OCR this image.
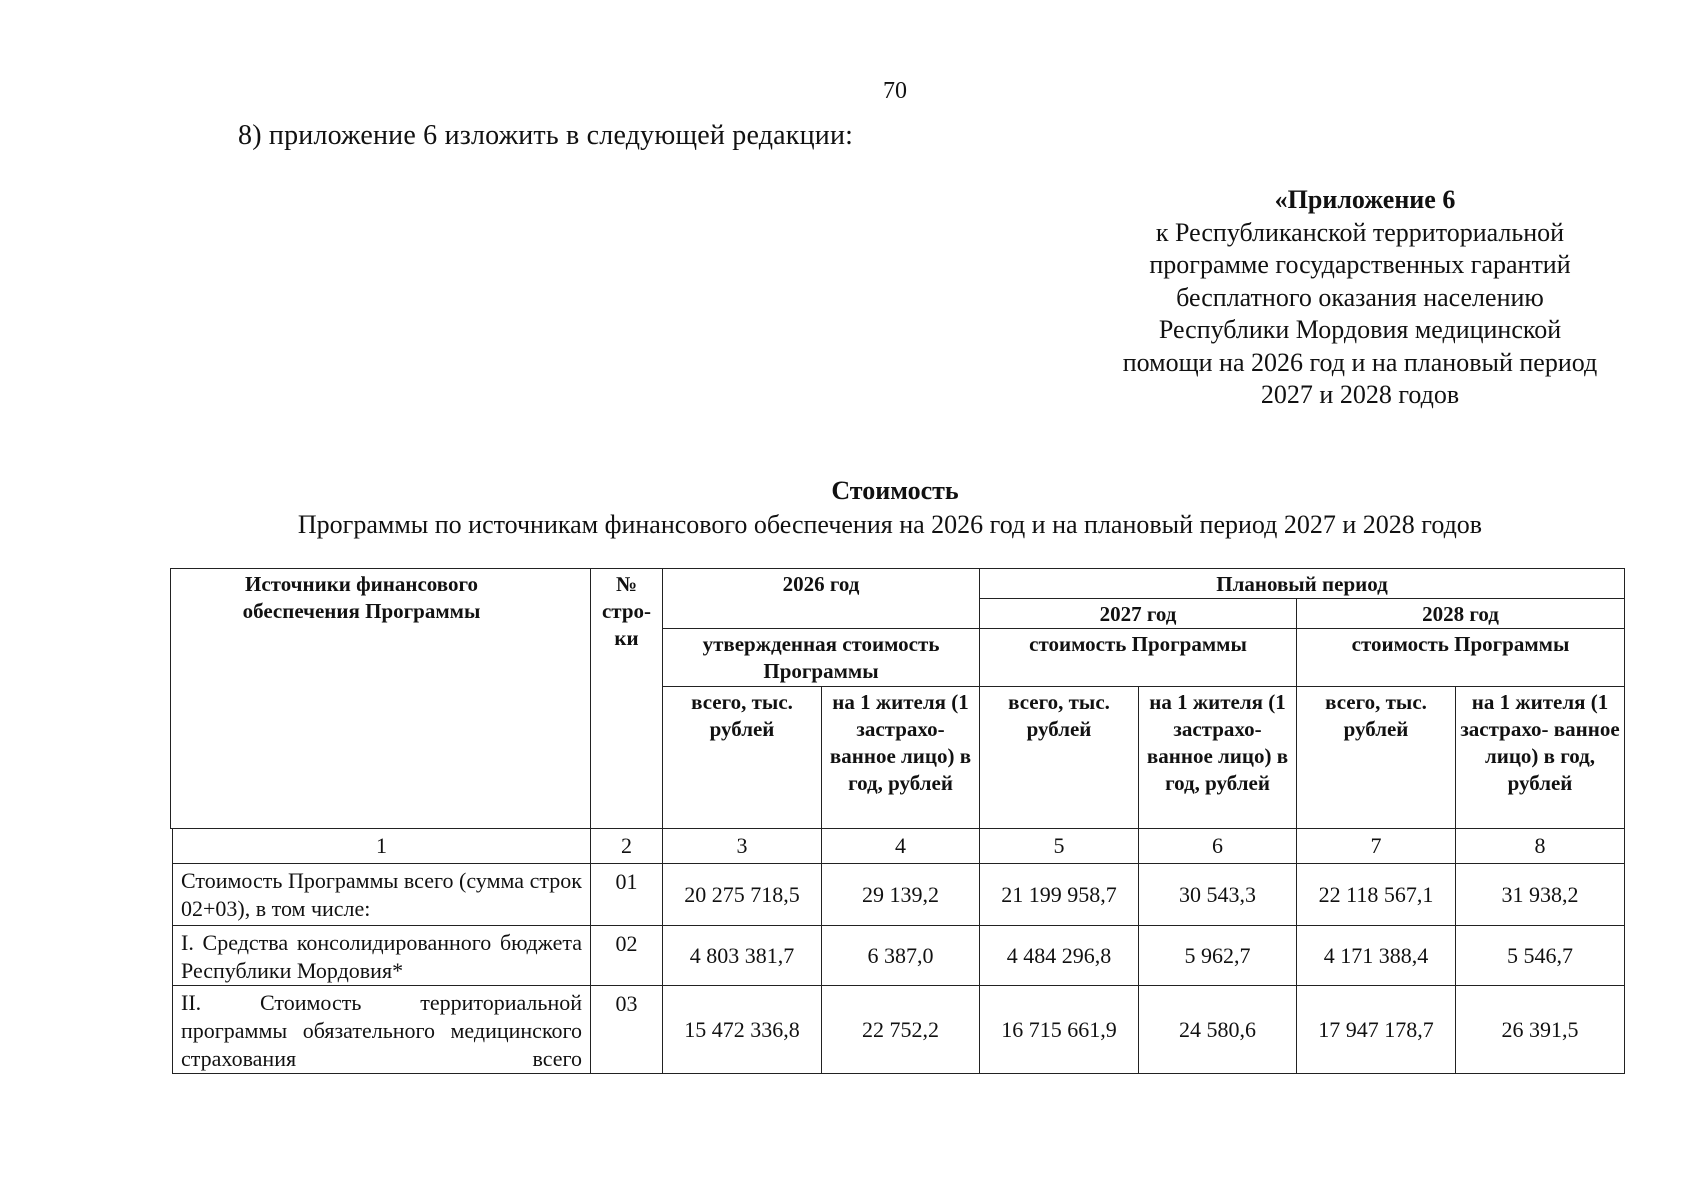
70
8) приложение 6 изложить в следующей редакции:
«Приложение 6
к Республиканской территориальной
программе государственных гарантий
бесплатного оказания населению
Республики Мордовия медицинской
помощи на 2026 год и на плановый период
2027 и 2028 годов
Стоимость
Программы по источникам финансового обеспечения на 2026 год и на плановый период 2027 и 2028 годов
Источники финансового обеспечения Программы	№ стро- ки	2026 год		Плановый период			
				2027 год		2028 год	
		утвержденная стоимость Программы		стоимость Программы		стоимость Программы	
		всего, тыс. рублей	на 1 жителя (1 застрахо- ванное лицо) в год, рублей	всего, тыс. рублей	на 1 жителя (1 застрахо- ванное лицо) в год, рублей	всего, тыс. рублей	на 1 жителя (1 застрахо- ванное лицо) в год, рублей
1	2	3	4	5	6	7	8
Стоимость Программы всего (сумма строк 02+03), в том числе:	01	20 275 718,5	29 139,2	21 199 958,7	30 543,3	22 118 567,1	31 938,2
I. Средства консолидированного бюджета Республики Мордовия*	02	4 803 381,7	6 387,0	4 484 296,8	5 962,7	4 171 388,4	5 546,7
II. Стоимость территориальной программы обязательного медицинского страхования всего	03	15 472 336,8	22 752,2	16 715 661,9	24 580,6	17 947 178,7	26 391,5
